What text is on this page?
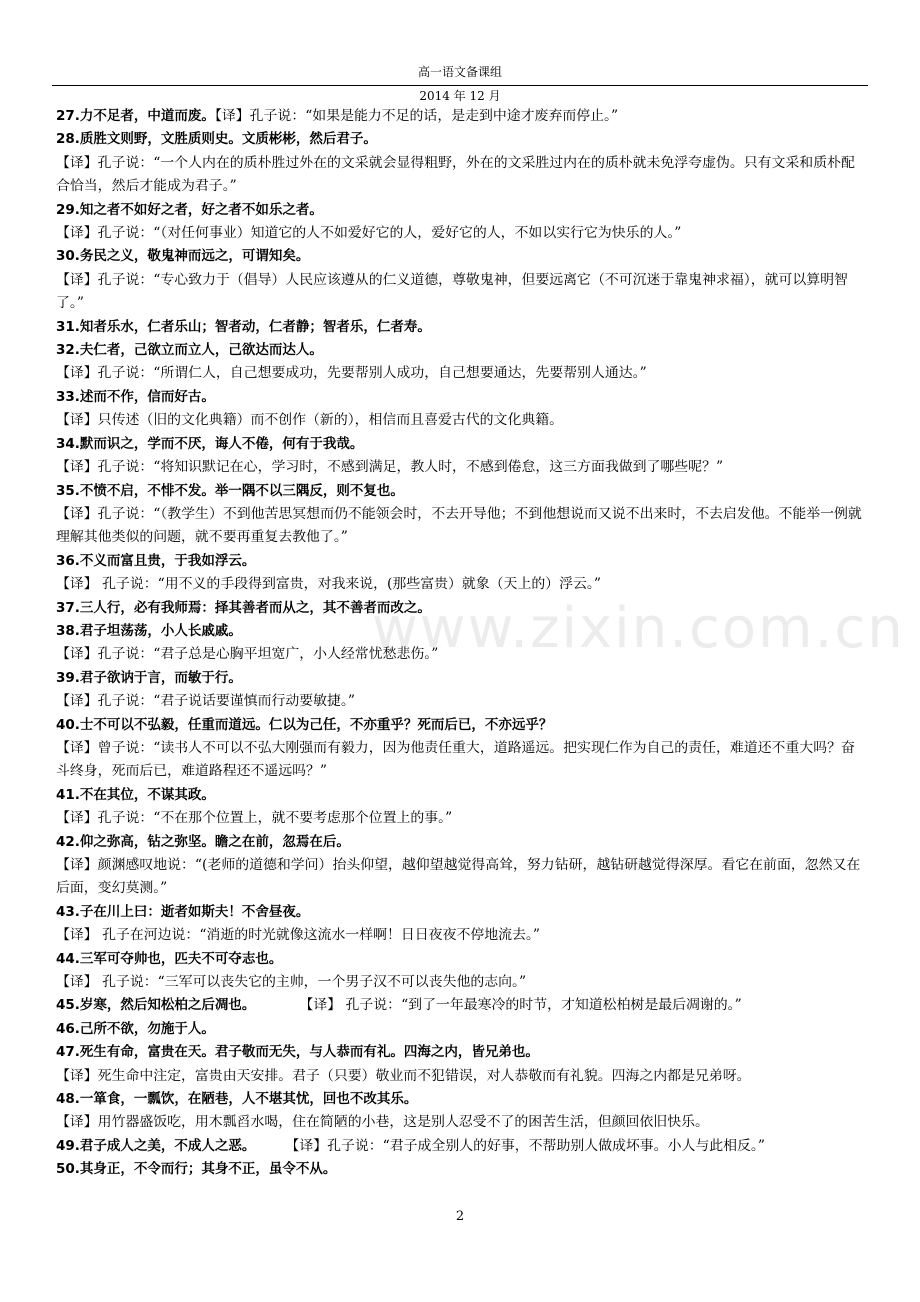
高一语文备课组
2014 年 12 月
www.zixin.com.cn
27.力不足者，中道而废。【译】孔子说：“如果是能力不足的话，是走到中途才废弃而停止。”
28.质胜文则野，文胜质则史。文质彬彬，然后君子。
【译】孔子说：“一个人内在的质朴胜过外在的文采就会显得粗野，外在的文采胜过内在的质朴就未免浮夸虚伪。只有文采和质朴配合恰当，然后才能成为君子。”
29.知之者不如好之者，好之者不如乐之者。
【译】孔子说：“（对任何事业）知道它的人不如爱好它的人，爱好它的人，不如以实行它为快乐的人。”
30.务民之义，敬鬼神而远之，可谓知矣。
【译】孔子说：“专心致力于（倡导）人民应该遵从的仁义道德，尊敬鬼神，但要远离它（不可沉迷于靠鬼神求福），就可以算明智了。”
31.知者乐水，仁者乐山；智者动，仁者静；智者乐，仁者寿。
32.夫仁者，己欲立而立人，己欲达而达人。
【译】孔子说：“所谓仁人，自己想要成功，先要帮别人成功，自己想要通达，先要帮别人通达。”
33.述而不作，信而好古。
【译】只传述（旧的文化典籍）而不创作（新的），相信而且喜爱古代的文化典籍。
34.默而识之，学而不厌，诲人不倦，何有于我哉。
【译】孔子说：“将知识默记在心，学习时，不感到满足，教人时，不感到倦怠，这三方面我做到了哪些呢？”
35.不愤不启，不悱不发。举一隅不以三隅反，则不复也。
【译】孔子说：“（教学生）不到他苦思冥想而仍不能领会时，不去开导他；不到他想说而又说不出来时，不去启发他。不能举一例就理解其他类似的问题，就不要再重复去教他了。”
36.不义而富且贵，于我如浮云。
【译】 孔子说：“用不义的手段得到富贵，对我来说，(那些富贵）就象（天上的）浮云。”
37.三人行，必有我师焉：择其善者而从之，其不善者而改之。
38.君子坦荡荡，小人长戚戚。
【译】孔子说：“君子总是心胸平坦宽广，小人经常忧愁悲伤。”
39.君子欲讷于言，而敏于行。
【译】孔子说：“君子说话要谨慎而行动要敏捷。”
40.士不可以不弘毅，任重而道远。仁以为己任，不亦重乎？死而后已，不亦远乎？
【译】曾子说：“读书人不可以不弘大刚强而有毅力，因为他责任重大，道路遥远。把实现仁作为自己的责任，难道还不重大吗？奋斗终身，死而后已，难道路程还不遥远吗？”
41.不在其位，不谋其政。
【译】孔子说：“不在那个位置上，就不要考虑那个位置上的事。”
42.仰之弥高，钻之弥坚。瞻之在前，忽焉在后。
【译】颜渊感叹地说：“(老师的道德和学问）抬头仰望，越仰望越觉得高耸，努力钻研，越钻研越觉得深厚。看它在前面，忽然又在后面，变幻莫测。”
43.子在川上曰：逝者如斯夫！不舍昼夜。
【译】 孔子在河边说：“消逝的时光就像这流水一样啊！日日夜夜不停地流去。”
44.三军可夺帅也，匹夫不可夺志也。
【译】 孔子说：“三军可以丧失它的主帅，一个男子汉不可以丧失他的志向。”
45.岁寒，然后知松柏之后凋也。	【译】 孔子说：“到了一年最寒冷的时节，才知道松柏树是最后凋谢的。”
46.己所不欲，勿施于人。
47.死生有命，富贵在天。君子敬而无失，与人恭而有礼。四海之内，皆兄弟也。
【译】死生命中注定，富贵由天安排。君子（只要）敬业而不犯错误，对人恭敬而有礼貌。四海之内都是兄弟呀。
48.一箪食，一瓢饮，在陋巷，人不堪其忧，回也不改其乐。
【译】用竹器盛饭吃，用木瓢舀水喝，住在简陋的小巷，这是别人忍受不了的困苦生活，但颜回依旧快乐。
49.君子成人之美，不成人之恶。 【译】孔子说：“君子成全别人的好事，不帮助别人做成坏事。小人与此相反。”
50.其身正，不令而行；其身不正，虽令不从。
2
